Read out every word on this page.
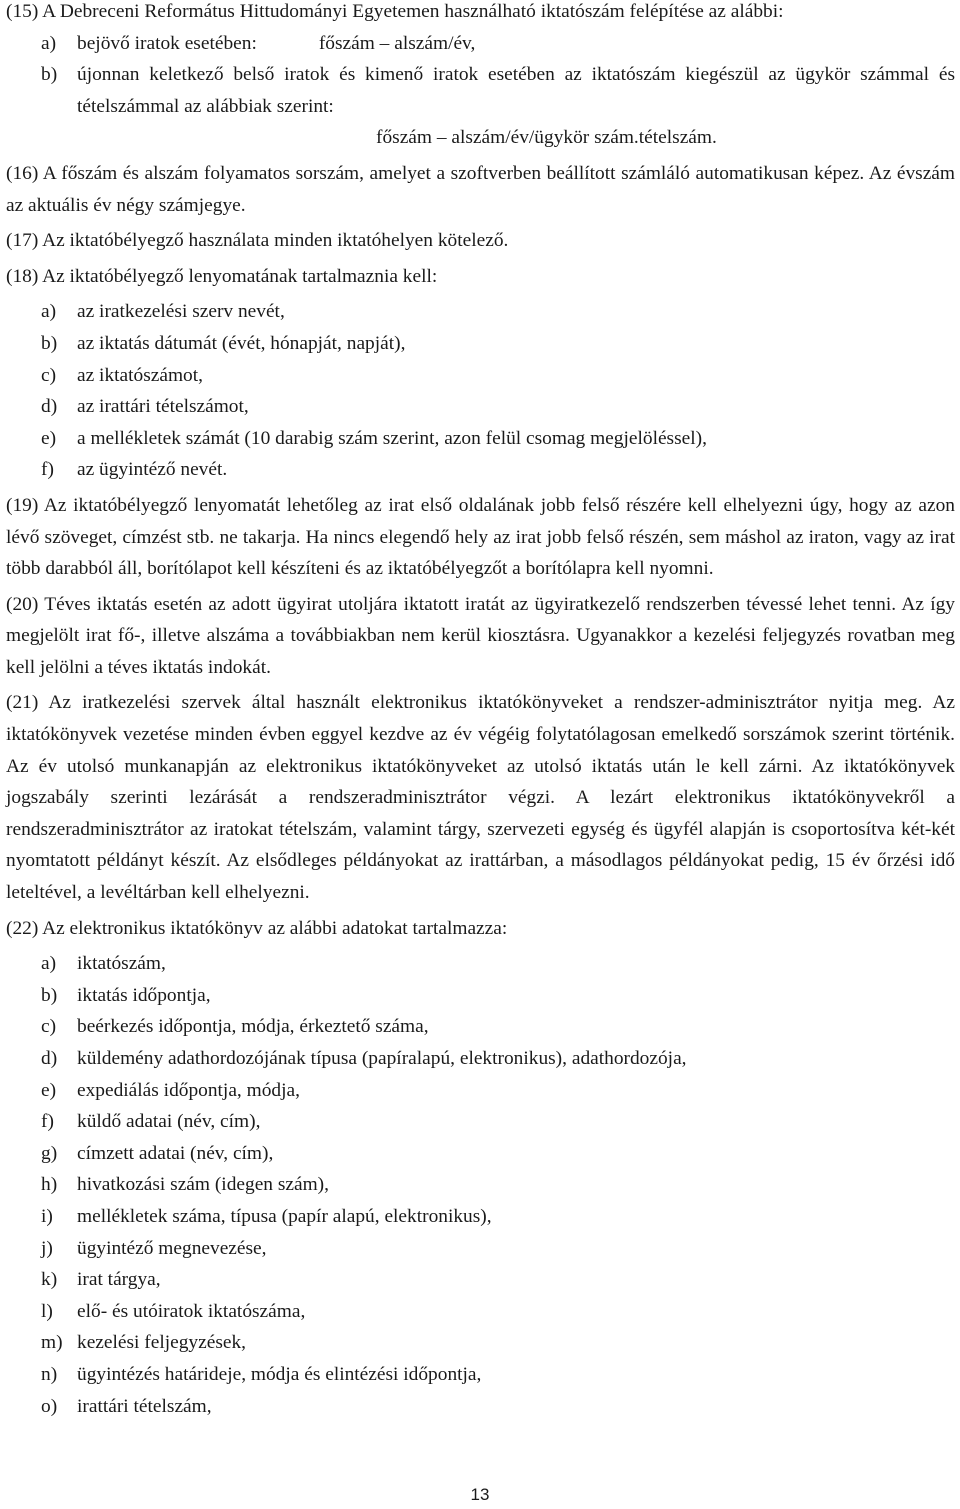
(15) A Debreceni Református Hittudományi Egyetemen használható iktatószám felépítése az alábbi:

a) bejövő iratok esetében:	főszám – alszám/év,
b) újonnan keletkező belső iratok és kimenő iratok esetében az iktatószám kiegészül az ügykör számmal és tételszámmal az alábbiak szerint:
főszám – alszám/év/ügykör szám.tételszám.

(16) A főszám és alszám folyamatos sorszám, amelyet a szoftverben beállított számláló automatikusan képez. Az évszám az aktuális év négy számjegye.

(17) Az iktatóbélyegző használata minden iktatóhelyen kötelező.

(18) Az iktatóbélyegző lenyomatának tartalmaznia kell:

a) az iratkezelési szerv nevét,
b) az iktatás dátumát (évét, hónapját, napját),
c) az iktatószámot,
d) az irattári tételszámot,
e) a mellékletek számát (10 darabig szám szerint, azon felül csomag megjelöléssel),
f) az ügyintéző nevét.

(19) Az iktatóbélyegző lenyomatát lehetőleg az irat első oldalának jobb felső részére kell elhelyezni úgy, hogy az azon lévő szöveget, címzést stb. ne takarja. Ha nincs elegendő hely az irat jobb felső részén, sem máshol az iraton, vagy az irat több darabból áll, borítólapot kell készíteni és az iktatóbélyegzőt a borítólapra kell nyomni.

(20) Téves iktatás esetén az adott ügyirat utoljára iktatott iratát az ügyiratkezelő rendszerben tévessé lehet tenni. Az így megjelölt irat fő-, illetve alszáma a továbbiakban nem kerül kiosztásra. Ugyanakkor a kezelési feljegyzés rovatban meg kell jelölni a téves iktatás indokát.

(21) Az iratkezelési szervek által használt elektronikus iktatókönyveket a rendszer-adminisztrátor nyitja meg. Az iktatókönyvek vezetése minden évben eggyel kezdve az év végéig folytatólagosan emelkedő sorszámok szerint történik. Az év utolsó munkanapján az elektronikus iktatókönyveket az utolsó iktatás után le kell zárni. Az iktatókönyvek jogszabály szerinti lezárását a rendszeradminisztrátor végzi. A lezárt elektronikus iktatókönyvekről a rendszeradminisztrátor az iratokat tételszám, valamint tárgy, szervezeti egység és ügyfél alapján is csoportosítva két-két nyomtatott példányt készít. Az elsődleges példányokat az irattárban, a másodlagos példányokat pedig, 15 év őrzési idő leteltével, a levéltárban kell elhelyezni.

(22) Az elektronikus iktatókönyv az alábbi adatokat tartalmazza:

a) iktatószám,
b) iktatás időpontja,
c) beérkezés időpontja, módja, érkeztető száma,
d) küldemény adathordozójának típusa (papíralapú, elektronikus), adathordozója,
e) expediálás időpontja, módja,
f) küldő adatai (név, cím),
g) címzett adatai (név, cím),
h) hivatkozási szám (idegen szám),
i) mellékletek száma, típusa (papír alapú, elektronikus),
j) ügyintéző megnevezése,
k) irat tárgya,
l) elő- és utóiratok iktatószáma,
m) kezelési feljegyzések,
n) ügyintézés határideje, módja és elintézési időpontja,
o) irattári tételszám,
13
